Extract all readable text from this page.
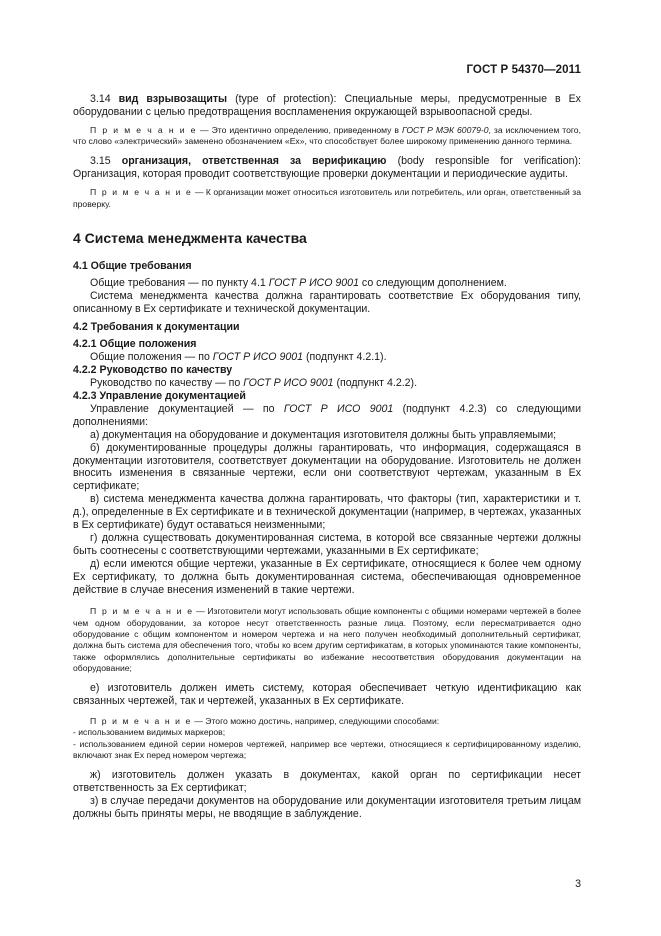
ГОСТ Р 54370—2011

3.14 вид взрывозащиты (type of protection): Специальные меры, предусмотренные в Ex оборудовании с целью предотвращения воспламенения окружающей взрывоопасной среды.

П р и м е ч а н и е — Это идентично определению, приведенному в ГОСТ Р МЭК 60079-0, за исключением того, что слово «электрический» заменено обозначением «Ex», что способствует более широкому применению данного термина.

3.15 организация, ответственная за верификацию (body responsible for verification): Организация, которая проводит соответствующие проверки документации и периодические аудиты.

П р и м е ч а н и е — К организации может относиться изготовитель или потребитель, или орган, ответственный за проверку.

4 Система менеджмента качества

4.1 Общие требования

Общие требования — по пункту 4.1 ГОСТ Р ИСО 9001 со следующим дополнением.

Система менеджмента качества должна гарантировать соответствие Ex оборудования типу, описанному в Ex сертификате и технической документации.

4.2 Требования к документации

4.2.1 Общие положения

Общие положения — по ГОСТ Р ИСО 9001 (подпункт 4.2.1).

4.2.2 Руководство по качеству

Руководство по качеству — по ГОСТ Р ИСО 9001 (подпункт 4.2.2).

4.2.3 Управление документацией

Управление документацией — по ГОСТ Р ИСО 9001 (подпункт 4.2.3) со следующими дополнениями:

а) документация на оборудование и документация изготовителя должны быть управляемыми;

б) документированные процедуры должны гарантировать, что информация, содержащаяся в документации изготовителя, соответствует документации на оборудование. Изготовитель не должен вносить изменения в связанные чертежи, если они соответствуют чертежам, указанным в Ex сертификате;

в) система менеджмента качества должна гарантировать, что факторы (тип, характеристики и т. д.), определенные в Ex сертификате и в технической документации (например, в чертежах, указанных в Ex сертификате) будут оставаться неизменными;

г) должна существовать документированная система, в которой все связанные чертежи должны быть соотнесены с соответствующими чертежами, указанными в Ex сертификате;

д) если имеются общие чертежи, указанные в Ex сертификате, относящиеся к более чем одному Ex сертификату, то должна быть документированная система, обеспечивающая одновременное действие в случае внесения изменений в такие чертежи.

П р и м е ч а н и е — Изготовители могут использовать общие компоненты с общими номерами чертежей в более чем одном оборудовании, за которое несут ответственность разные лица. Поэтому, если пересматривается одно оборудование с общим компонентом и номером чертежа и на него получен необходимый дополнительный сертификат, должна быть система для обеспечения того, чтобы ко всем другим сертификатам, в которых упоминаются такие компоненты, также оформлялись дополнительные сертификаты во избежание несоответствия оборудования документации на оборудование;

е) изготовитель должен иметь систему, которая обеспечивает четкую идентификацию как связанных чертежей, так и чертежей, указанных в Ex сертификате.

П р и м е ч а н и е — Этого можно достичь, например, следующими способами:

- использованием видимых маркеров;

- использованием единой серии номеров чертежей, например все чертежи, относящиеся к сертифицированному изделию, включают знак Ex перед номером чертежа;

ж) изготовитель должен указать в документах, какой орган по сертификации несет ответственность за Ex сертификат;

з) в случае передачи документов на оборудование или документации изготовителя третьим лицам должны быть приняты меры, не вводящие в заблуждение.

3
